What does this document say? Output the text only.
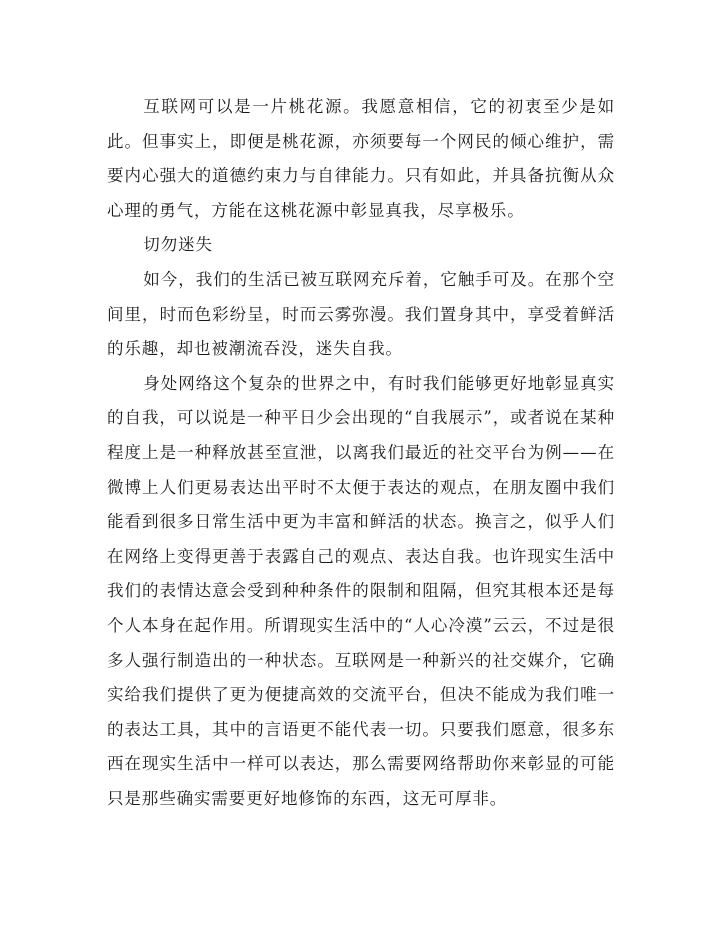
互联网可以是一片桃花源。我愿意相信，它的初衷至少是如此。但事实上，即便是桃花源，亦须要每一个网民的倾心维护，需要内心强大的道德约束力与自律能力。只有如此，并具备抗衡从众心理的勇气，方能在这桃花源中彰显真我，尽享极乐。

切勿迷失

如今，我们的生活已被互联网充斥着，它触手可及。在那个空间里，时而色彩纷呈，时而云雾弥漫。我们置身其中，享受着鲜活的乐趣，却也被潮流吞没，迷失自我。

身处网络这个复杂的世界之中，有时我们能够更好地彰显真实的自我，可以说是一种平日少会出现的“自我展示”，或者说在某种程度上是一种释放甚至宣泄，以离我们最近的社交平台为例——在微博上人们更易表达出平时不太便于表达的观点，在朋友圈中我们能看到很多日常生活中更为丰富和鲜活的状态。换言之，似乎人们在网络上变得更善于表露自己的观点、表达自我。也许现实生活中我们的表情达意会受到种种条件的限制和阻隔，但究其根本还是每个人本身在起作用。所谓现实生活中的“人心冷漠”云云，不过是很多人强行制造出的一种状态。互联网是一种新兴的社交媒介，它确实给我们提供了更为便捷高效的交流平台，但决不能成为我们唯一的表达工具，其中的言语更不能代表一切。只要我们愿意，很多东西在现实生活中一样可以表达，那么需要网络帮助你来彰显的可能只是那些确实需要更好地修饰的东西，这无可厚非。
